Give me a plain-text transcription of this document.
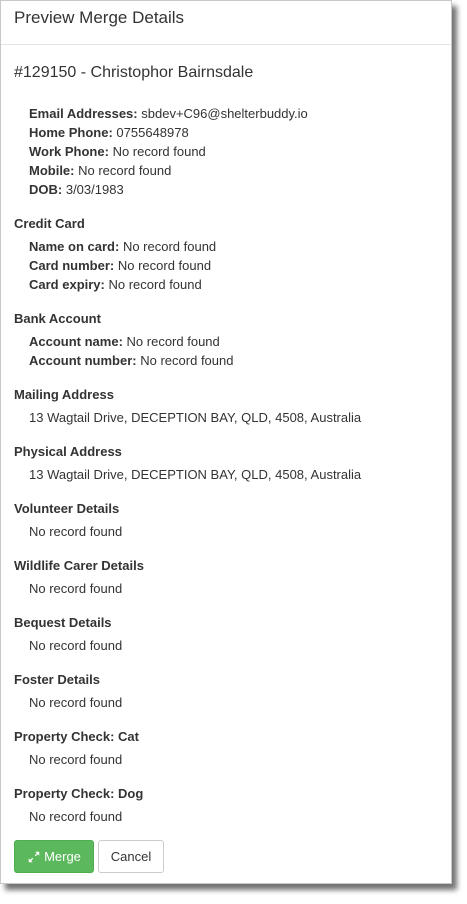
Preview Merge Details
#129150 - Christophor Bairnsdale
Email Addresses: sbdev+C96@shelterbuddy.io
Home Phone: 0755648978
Work Phone: No record found
Mobile: No record found
DOB: 3/03/1983
Credit Card
Name on card: No record found
Card number: No record found
Card expiry: No record found
Bank Account
Account name: No record found
Account number: No record found
Mailing Address
13 Wagtail Drive, DECEPTION BAY, QLD, 4508, Australia
Physical Address
13 Wagtail Drive, DECEPTION BAY, QLD, 4508, Australia
Volunteer Details
No record found
Wildlife Carer Details
No record found
Bequest Details
No record found
Foster Details
No record found
Property Check: Cat
No record found
Property Check: Dog
No record found
Merge	Cancel
